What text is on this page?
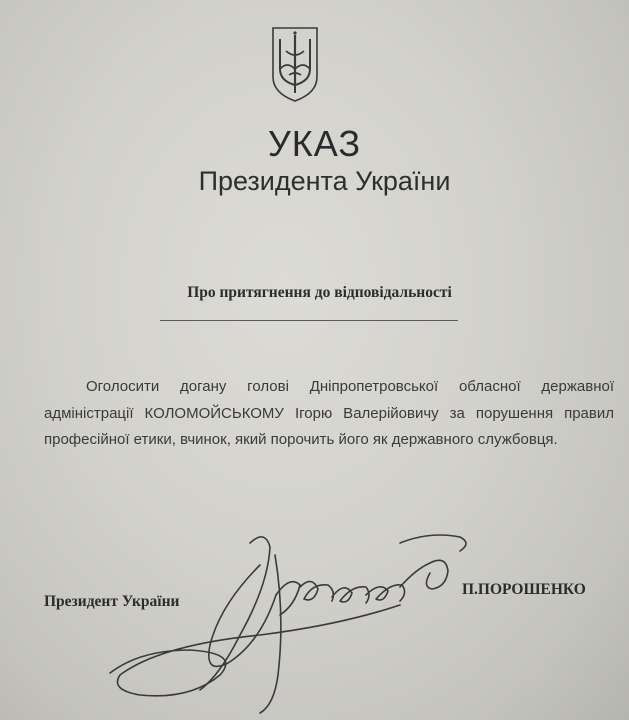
УКАЗ
Президента України
Про притягнення до відповідальності

Оголосити догану голові Дніпропетровської обласної державної адміністрації КОЛОМОЙСЬКОМУ Ігорю Валерійовичу за порушення правил професійної етики, вчинок, який порочить його як державного службовця.

Президент України
П.ПОРОШЕНКО
